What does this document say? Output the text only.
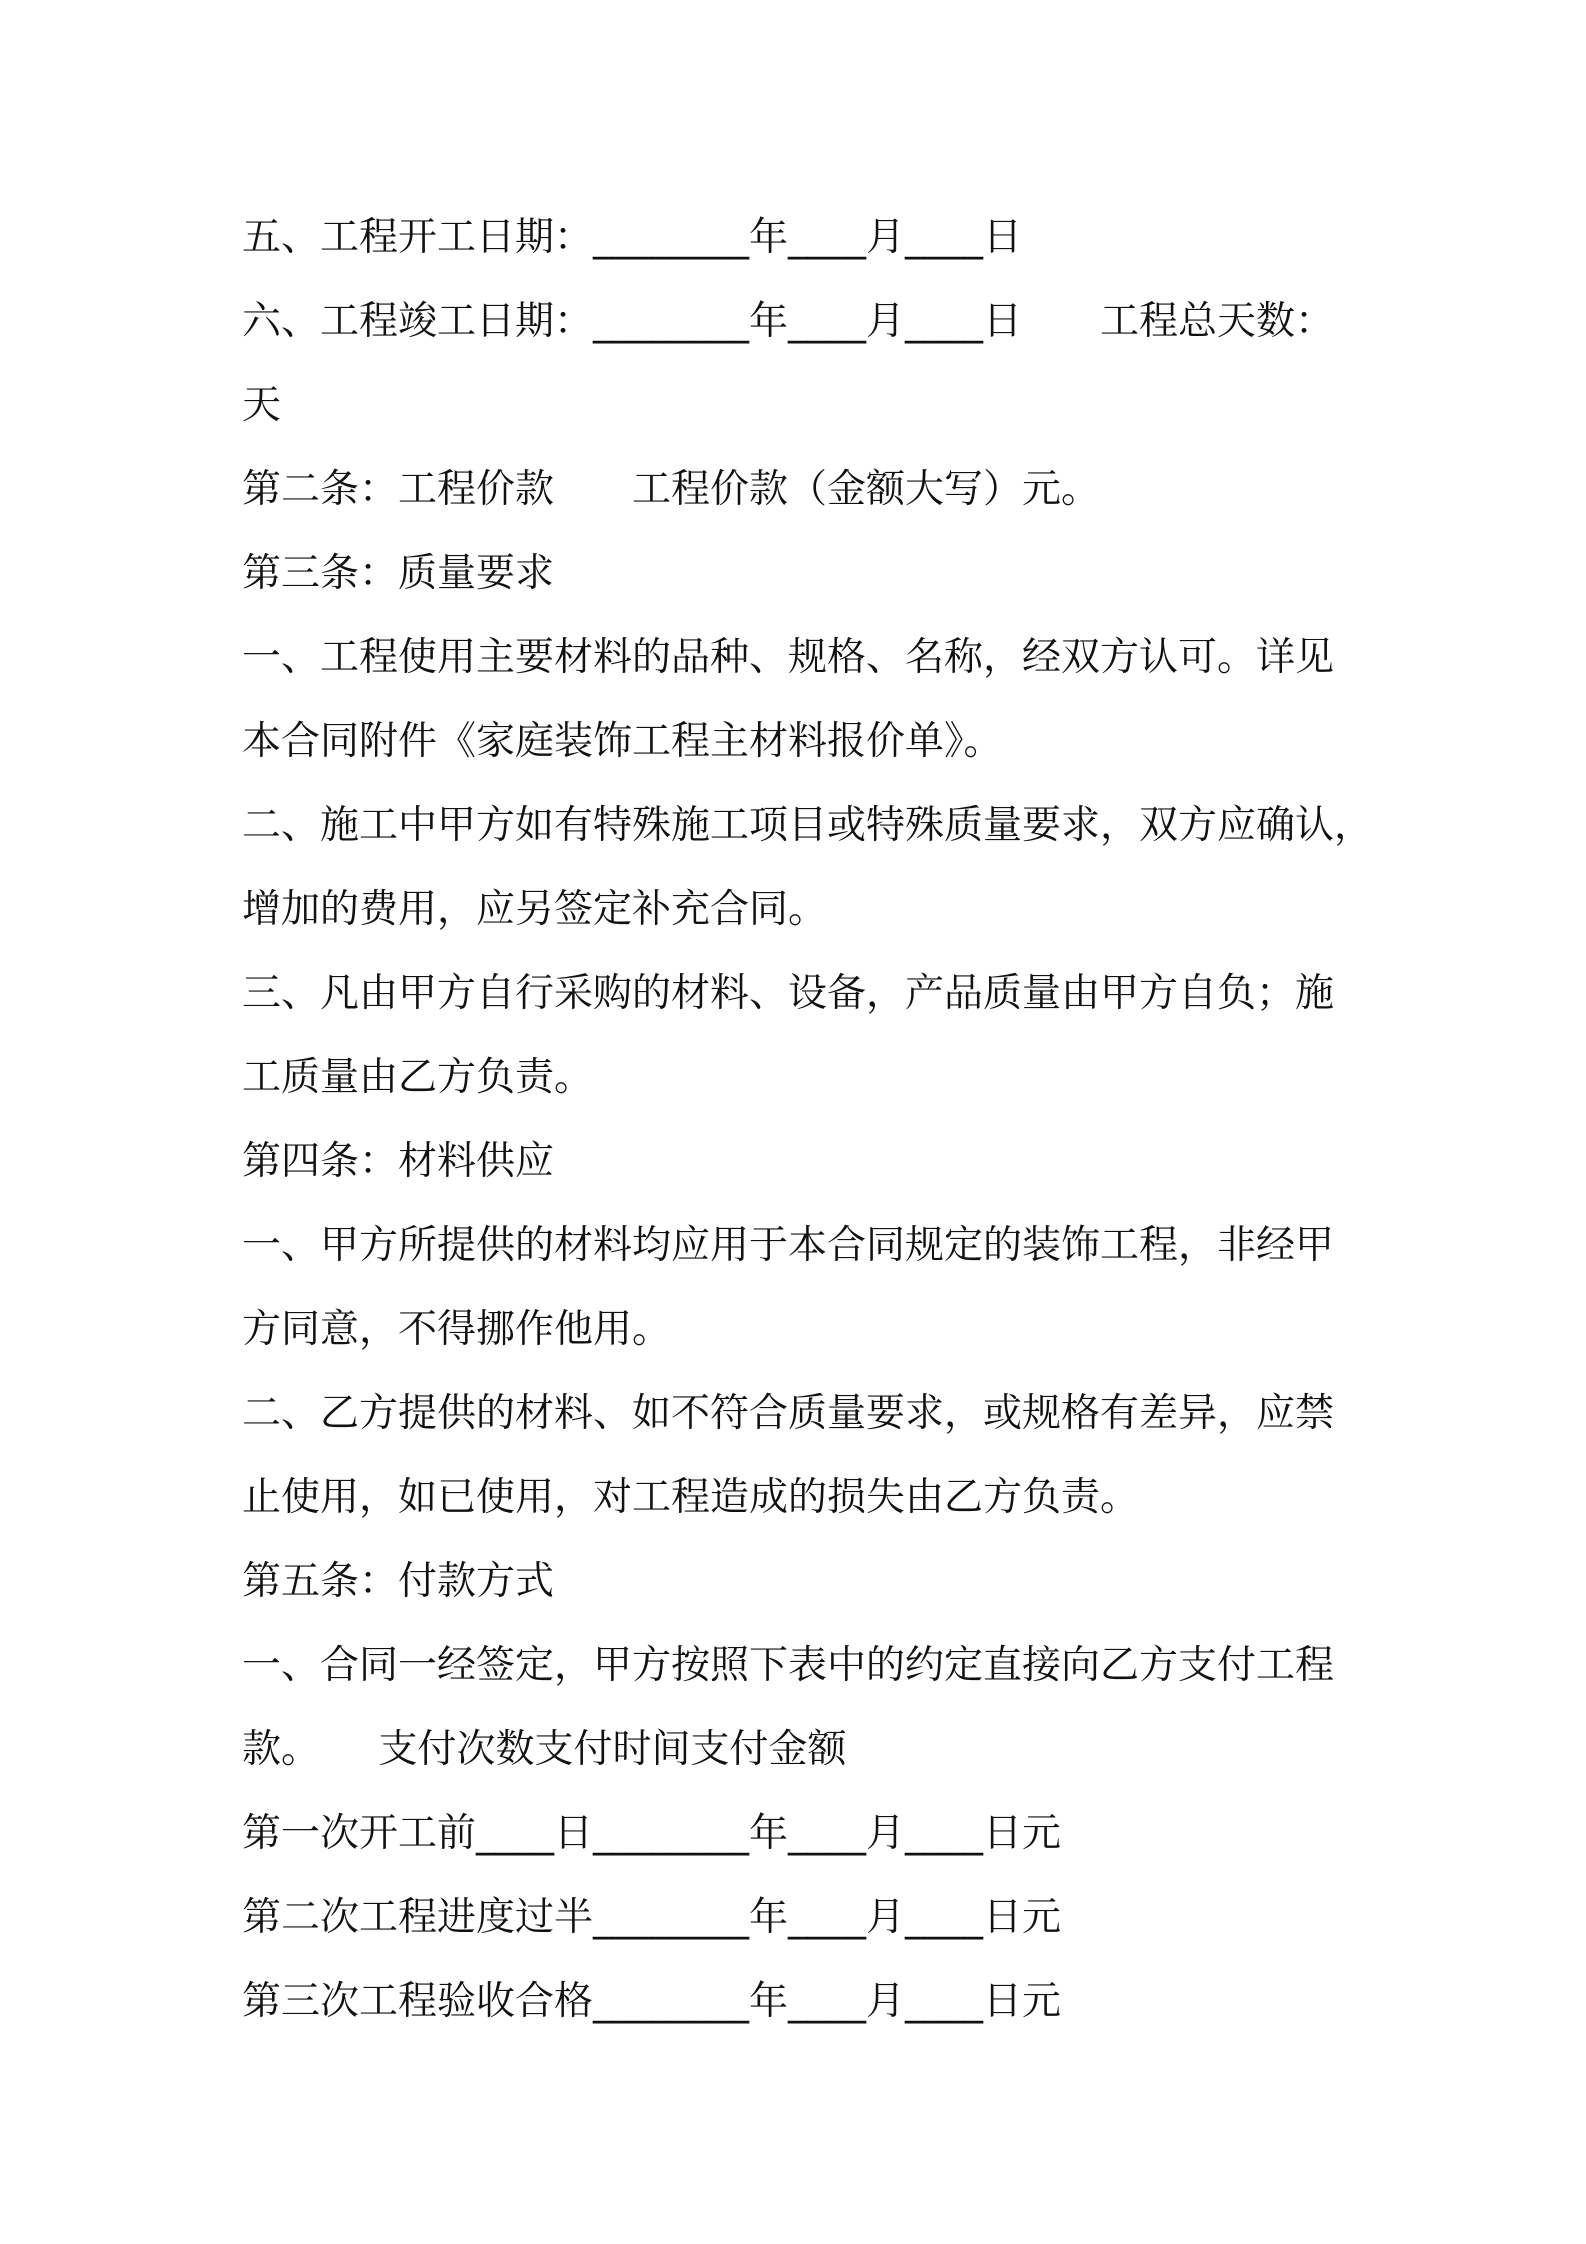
五、工程开工日期：________年____月____日
六、工程竣工日期：________年____月____日　　工程总天数：
天
第二条：工程价款　　工程价款（金额大写）元。
第三条：质量要求
一、工程使用主要材料的品种、规格、名称，经双方认可。详见
本合同附件《家庭装饰工程主材料报价单》。
二、施工中甲方如有特殊施工项目或特殊质量要求，双方应确认，
增加的费用，应另签定补充合同。
三、凡由甲方自行采购的材料、设备，产品质量由甲方自负；施
工质量由乙方负责。
第四条：材料供应
一、甲方所提供的材料均应用于本合同规定的装饰工程，非经甲
方同意，不得挪作他用。
二、乙方提供的材料、如不符合质量要求，或规格有差异，应禁
止使用，如已使用，对工程造成的损失由乙方负责。
第五条：付款方式
一、合同一经签定，甲方按照下表中的约定直接向乙方支付工程
款。　　支付次数支付时间支付金额
第一次开工前____日________年____月____日元
第二次工程进度过半________年____月____日元
第三次工程验收合格________年____月____日元
